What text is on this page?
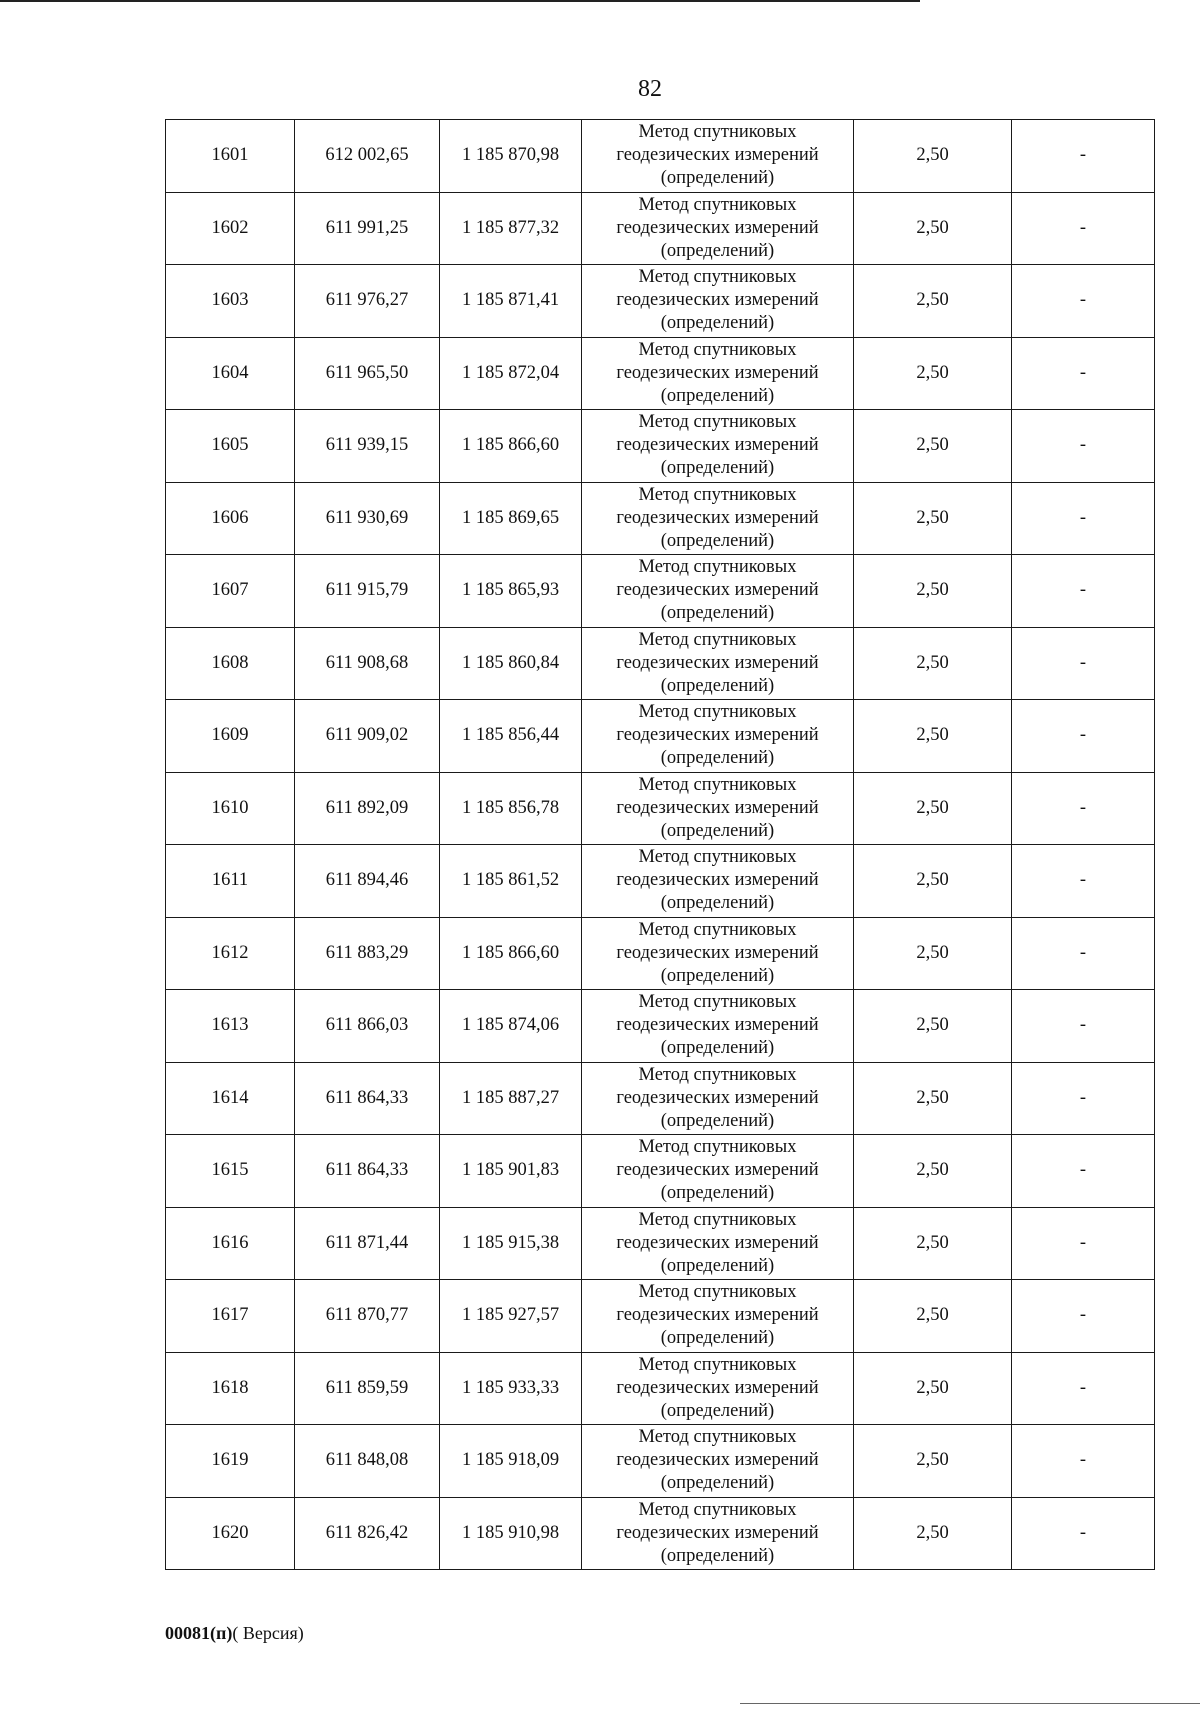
82
1601	612 002,65	1 185 870,98	Метод спутниковых
геодезических измерений
(определений)	2,50	-
1602	611 991,25	1 185 877,32	Метод спутниковых
геодезических измерений
(определений)	2,50	-
1603	611 976,27	1 185 871,41	Метод спутниковых
геодезических измерений
(определений)	2,50	-
1604	611 965,50	1 185 872,04	Метод спутниковых
геодезических измерений
(определений)	2,50	-
1605	611 939,15	1 185 866,60	Метод спутниковых
геодезических измерений
(определений)	2,50	-
1606	611 930,69	1 185 869,65	Метод спутниковых
геодезических измерений
(определений)	2,50	-
1607	611 915,79	1 185 865,93	Метод спутниковых
геодезических измерений
(определений)	2,50	-
1608	611 908,68	1 185 860,84	Метод спутниковых
геодезических измерений
(определений)	2,50	-
1609	611 909,02	1 185 856,44	Метод спутниковых
геодезических измерений
(определений)	2,50	-
1610	611 892,09	1 185 856,78	Метод спутниковых
геодезических измерений
(определений)	2,50	-
1611	611 894,46	1 185 861,52	Метод спутниковых
геодезических измерений
(определений)	2,50	-
1612	611 883,29	1 185 866,60	Метод спутниковых
геодезических измерений
(определений)	2,50	-
1613	611 866,03	1 185 874,06	Метод спутниковых
геодезических измерений
(определений)	2,50	-
1614	611 864,33	1 185 887,27	Метод спутниковых
геодезических измерений
(определений)	2,50	-
1615	611 864,33	1 185 901,83	Метод спутниковых
геодезических измерений
(определений)	2,50	-
1616	611 871,44	1 185 915,38	Метод спутниковых
геодезических измерений
(определений)	2,50	-
1617	611 870,77	1 185 927,57	Метод спутниковых
геодезических измерений
(определений)	2,50	-
1618	611 859,59	1 185 933,33	Метод спутниковых
геодезических измерений
(определений)	2,50	-
1619	611 848,08	1 185 918,09	Метод спутниковых
геодезических измерений
(определений)	2,50	-
1620	611 826,42	1 185 910,98	Метод спутниковых
геодезических измерений
(определений)	2,50	-
00081(п)( Версия)
